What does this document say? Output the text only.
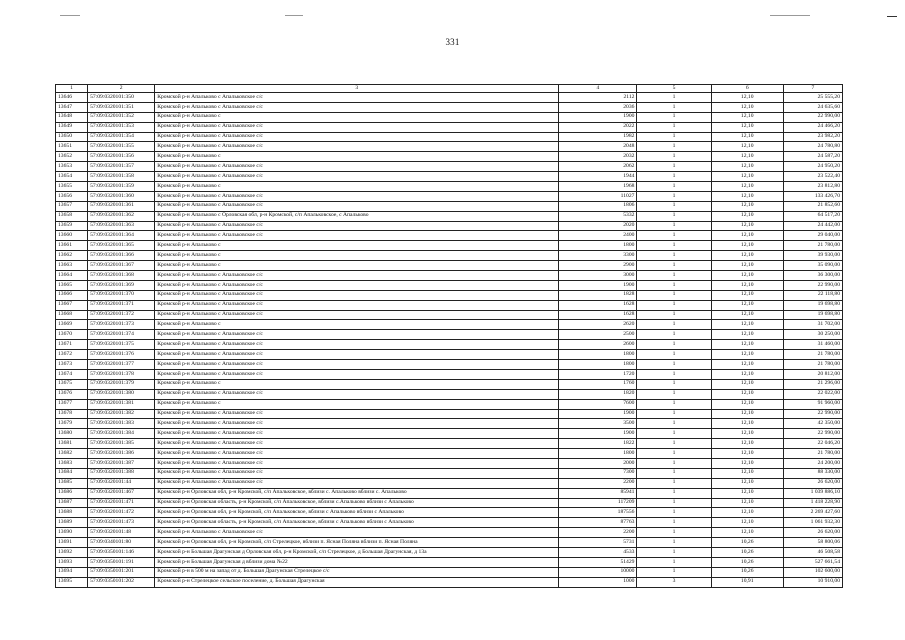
331
1	2	3	4	5	6	7
13646	57:09:0320101:350	Кромской р-н Апальково с Апальковское с/с	2112	1	12,10	25 555,20
13647	57:09:0320101:351	Кромской р-н Апальково с Апальковское с/с	2036	1	12,10	24 635,60
13648	57:09:0320101:352	Кромской р-н Апальково с	1900	1	12,10	22 990,00
13649	57:09:0320101:353	Кромской р-н Апальково с Апальковское с/с	2022	1	12,10	24 466,20
13650	57:09:0320101:354	Кромской р-н Апальково с Апальковское с/с	1982	1	12,10	23 982,20
13651	57:09:0320101:355	Кромской р-н Апальково с Апальковское с/с	2048	1	12,10	24 780,80
13652	57:09:0320101:356	Кромской р-н Апальково с	2032	1	12,10	24 587,20
13653	57:09:0320101:357	Кромской р-н Апальково с Апальковское с/с	2062	1	12,10	24 950,20
13654	57:09:0320101:358	Кромской р-н Апальково с Апальковское с/с	1944	1	12,10	23 522,40
13655	57:09:0320101:359	Кромской р-н Апальково с	1968	1	12,10	23 812,80
13656	57:09:0320101:360	Кромской р-н Апальково с Апальковское с/с	11027	1	12,10	133 426,70
13657	57:09:0320101:361	Кромской р-н Апальково с Апальковское с/с	1806	1	12,10	21 852,60
13658	57:09:0320101:362	Кромской р-н Апальково с Орловская обл, р-н Кромской, с/п Апальковское, с Апальково	5332	1	12,10	64 517,20
13659	57:09:0320101:363	Кромской р-н Апальково с Апальковское с/с	2020	1	12,10	24 442,00
13660	57:09:0320101:364	Кромской р-н Апальково с Апальковское с/с	2400	1	12,10	29 040,00
13661	57:09:0320101:365	Кромской р-н Апальково с	1800	1	12,10	21 780,00
13662	57:09:0320101:366	Кромской р-н Апальково с	3300	1	12,10	39 930,00
13663	57:09:0320101:367	Кромской р-н Апальково с	2900	1	12,10	35 090,00
13664	57:09:0320101:368	Кромской р-н Апальково с Апальковское с/с	3000	1	12,10	36 300,00
13665	57:09:0320101:369	Кромской р-н Апальково с Апальковское с/с	1900	1	12,10	22 990,00
13666	57:09:0320101:370	Кромской р-н Апальково с Апальковское с/с	1828	1	12,10	22 118,80
13667	57:09:0320101:371	Кромской р-н Апальково с Апальковское с/с	1628	1	12,10	19 698,80
13668	57:09:0320101:372	Кромской р-н Апальково с Апальковское с/с	1628	1	12,10	19 698,80
13669	57:09:0320101:373	Кромской р-н Апальково с	2620	1	12,10	31 702,00
13670	57:09:0320101:374	Кромской р-н Апальково с Апальковское с/с	2500	1	12,10	30 250,00
13671	57:09:0320101:375	Кромской р-н Апальково с Апальковское с/с	2600	1	12,10	31 460,00
13672	57:09:0320101:376	Кромской р-н Апальково с Апальковское с/с	1800	1	12,10	21 780,00
13673	57:09:0320101:377	Кромской р-н Апальково с Апальковское с/с	1800	1	12,10	21 780,00
13674	57:09:0320101:378	Кромской р-н Апальково с Апальковское с/с	1720	1	12,10	20 812,00
13675	57:09:0320101:379	Кромской р-н Апальково с	1760	1	12,10	21 296,00
13676	57:09:0320101:380	Кромской р-н Апальково с Апальковское с/с	1820	1	12,10	22 022,00
13677	57:09:0320101:381	Кромской р-н Апальково с	7600	1	12,10	91 960,00
13678	57:09:0320101:382	Кромской р-н Апальково с Апальковское с/с	1900	1	12,10	22 990,00
13679	57:09:0320101:383	Кромской р-н Апальково с Апальковское с/с	3500	1	12,10	42 350,00
13680	57:09:0320101:384	Кромской р-н Апальково с Апальковское с/с	1900	1	12,10	22 990,00
13681	57:09:0320101:385	Кромской р-н Апальково с Апальковское с/с	1822	1	12,10	22 046,20
13682	57:09:0320101:386	Кромской р-н Апальково с Апальковское с/с	1800	1	12,10	21 780,00
13683	57:09:0320101:387	Кромской р-н Апальково с Апальковское с/с	2000	1	12,10	24 200,00
13684	57:09:0320101:388	Кромской р-н Апальково с Апальковское с/с	7300	1	12,10	88 330,00
13685	57:09:0320101:44	Кромской р-н Апальково с Апальковское с/с	2200	1	12,10	26 620,00
13686	57:09:0320101:467	Кромской р-н Орловская обл, р-н Кромской, с/п Апальковское, вблизи с. Апальково вблизи с. Апальково	85941	1	12,10	1 039 886,10
13687	57:09:0320101:471	Кромской р-н Орловская область, р-н Кромской, с/п Апальковское, вблизи с.Апальково вблизи с Апальково	117209	1	12,10	1 418 228,90
13688	57:09:0320101:472	Кромской р-н Орловская обл, р-н Кромской, с/п Апальковское, вблизи с Апальково вблизи с Апальково	187556	1	12,10	2 269 427,60
13689	57:09:0320101:473	Кромской р-н Орловская область, р-н Кромской, с/п Апальковское, вблизи с Апальково вблизи с Апальково	87763	1	12,10	1 061 932,30
13690	57:09:0320101:48	Кромской р-н Апальково с Апальковское с/с	2200	1	12,10	26 620,00
13691	57:09:0340101:80	Кромской р-н Орловская обл, р-н Кромской, с/п Стрелецкое, вблизи п. Ясная Поляна вблизи п. Ясная Поляна	5731	1	10,26	58 800,06
13692	57:09:0350101:146	Кромской р-н Большая Драгунская д Орловская обл, р-н Кромской, с/п Стрелецкое, д Большая Драгунская, д 13а	4533	1	10,26	46 508,58
13693	57:09:0350101:191	Кромской р-н Большая Драгунская д вблизи дома №22	51429	1	10,26	527 661,54
13694	57:09:0350101:201	Кромской р-н в 500 м на запад от д. Большая Драгунская Стрелецкое с/с	10000	1	10,26	102 600,00
13695	57:09:0350101:202	Кромской р-н Стрелецкое сельское поселение, д. Большая Драгунская	1000	3	10,91	10 910,00
